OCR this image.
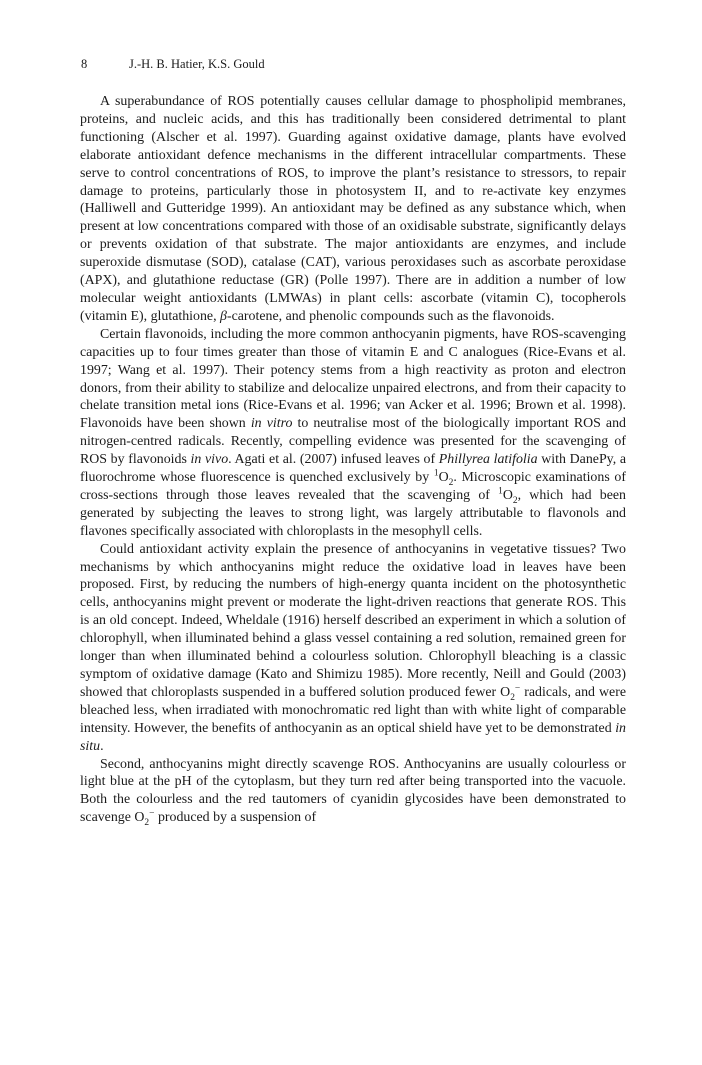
8	J.-H. B. Hatier, K.S. Gould

A superabundance of ROS potentially causes cellular damage to phospholipid membranes, proteins, and nucleic acids, and this has traditionally been considered detrimental to plant functioning (Alscher et al. 1997). Guarding against oxidative damage, plants have evolved elaborate antioxidant defence mechanisms in the different intracellular compartments. These serve to control concentrations of ROS, to improve the plant’s resistance to stressors, to repair damage to proteins, particularly those in photosystem II, and to re-activate key enzymes (Halliwell and Gutteridge 1999). An antioxidant may be defined as any substance which, when present at low concentrations compared with those of an oxidisable substrate, significantly delays or prevents oxidation of that substrate. The major antioxidants are enzymes, and include superoxide dismutase (SOD), catalase (CAT), various peroxidases such as ascorbate peroxidase (APX), and glutathione reductase (GR) (Polle 1997). There are in addition a number of low molecular weight antioxidants (LMWAs) in plant cells: ascorbate (vitamin C), tocopherols (vitamin E), glutathione, β-carotene, and phenolic compounds such as the flavonoids.

Certain flavonoids, including the more common anthocyanin pigments, have ROS-scavenging capacities up to four times greater than those of vitamin E and C analogues (Rice-Evans et al. 1997; Wang et al. 1997). Their potency stems from a high reactivity as proton and electron donors, from their ability to stabilize and delocalize unpaired electrons, and from their capacity to chelate transition metal ions (Rice-Evans et al. 1996; van Acker et al. 1996; Brown et al. 1998). Flavonoids have been shown in vitro to neutralise most of the biologically important ROS and nitrogen-centred radicals. Recently, compelling evidence was presented for the scavenging of ROS by flavonoids in vivo. Agati et al. (2007) infused leaves of Phillyrea latifolia with DanePy, a fluorochrome whose fluorescence is quenched exclusively by $^1O_2$. Microscopic examinations of cross-sections through those leaves revealed that the scavenging of $^1O_2$, which had been generated by subjecting the leaves to strong light, was largely attributable to flavonols and flavones specifically associated with chloroplasts in the mesophyll cells.

Could antioxidant activity explain the presence of anthocyanins in vegetative tissues? Two mechanisms by which anthocyanins might reduce the oxidative load in leaves have been proposed. First, by reducing the numbers of high-energy quanta incident on the photosynthetic cells, anthocyanins might prevent or moderate the light-driven reactions that generate ROS. This is an old concept. Indeed, Wheldale (1916) herself described an experiment in which a solution of chlorophyll, when illuminated behind a glass vessel containing a red solution, remained green for longer than when illuminated behind a colourless solution. Chlorophyll bleaching is a classic symptom of oxidative damage (Kato and Shimizu 1985). More recently, Neill and Gould (2003) showed that chloroplasts suspended in a buffered solution produced fewer $O_2^-$ radicals, and were bleached less, when irradiated with monochromatic red light than with white light of comparable intensity. However, the benefits of anthocyanin as an optical shield have yet to be demonstrated in situ.

Second, anthocyanins might directly scavenge ROS. Anthocyanins are usually colourless or light blue at the pH of the cytoplasm, but they turn red after being transported into the vacuole. Both the colourless and the red tautomers of cyanidin glycosides have been demonstrated to scavenge $O_2^-$ produced by a suspension of
